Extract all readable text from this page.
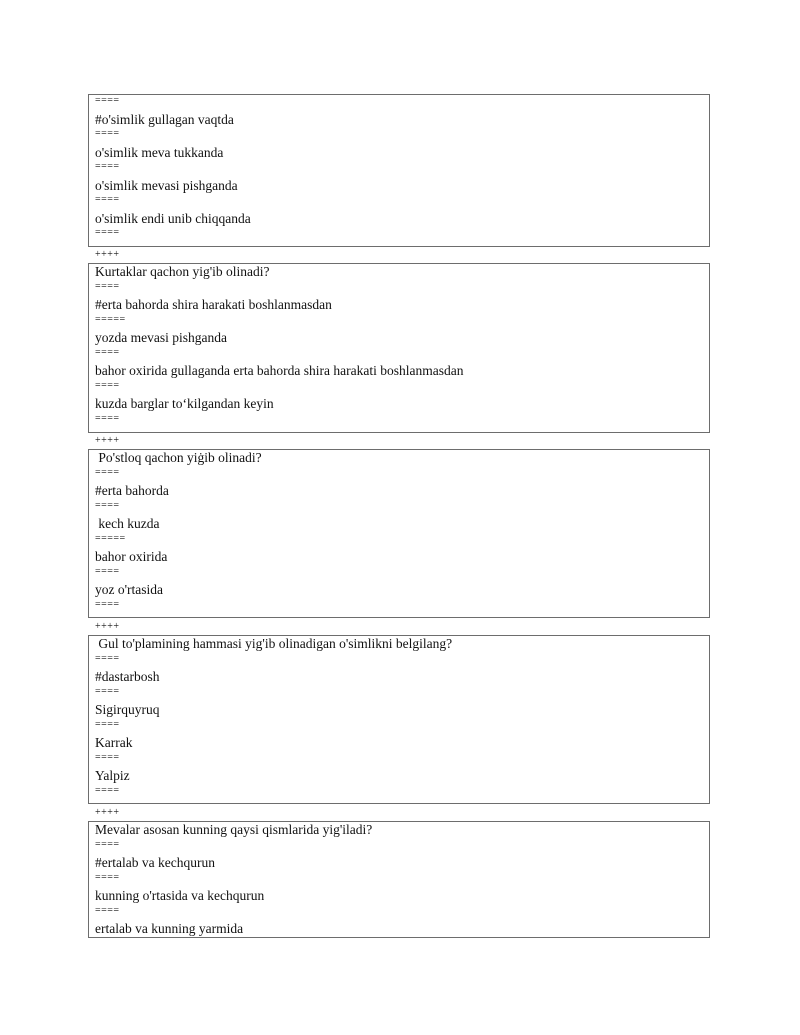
====
#o'simlik gullagan vaqtda
====
o'simlik meva tukkanda
====
o'simlik mevasi pishganda
====
o'simlik endi unib chiqqanda
====
++++
Kurtaklar qachon yig'ib olinadi?
====
#erta bahorda shira harakati boshlanmasdan
=====
yozda mevasi pishganda
====
bahor oxirida gullaganda erta bahorda shira harakati boshlanmasdan
====
kuzda barglar to‘kilgandan keyin
====
++++
Po'stloq qachon yiġib olinadi?
====
#erta bahorda
====
kech kuzda
=====
bahor oxirida
====
yoz o'rtasida
====
++++
Gul to'plamining hammasi yig'ib olinadigan o'simlikni belgilang?
====
#dastarbosh
====
Sigirquyruq
====
Karrak
====
Yalpiz
====
++++
Mevalar asosan kunning qaysi qismlarida yig'iladi?
====
#ertalab va kechqurun
====
kunning o'rtasida va kechqurun
====
ertalab va kunning yarmida
